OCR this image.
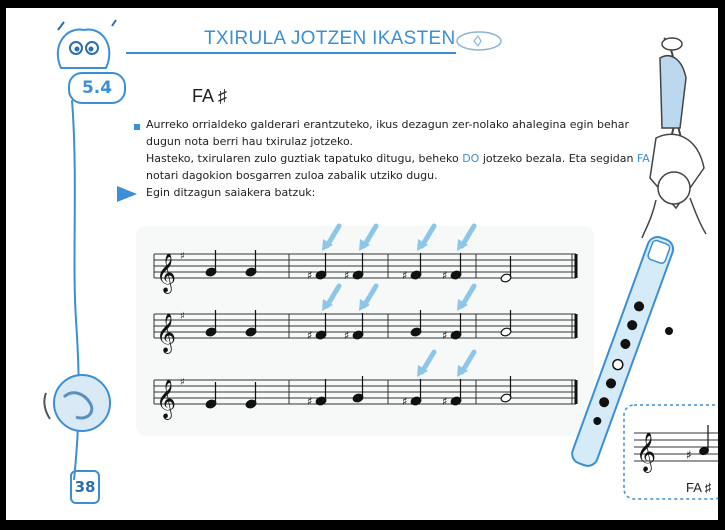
5.4
TXIRULA JOTZEN IKASTEN
FA ♯
Aurreko orrialdeko galderari erantzuteko, ikus dezagun zer-nolako ahalegina egin behar dugun nota berri hau txirulaz jotzeko.
Hasteko, txirularen zulo guztiak tapatuko ditugu, beheko DO jotzeko bezala. Eta segidan FA notari dagokion bosgarren zuloa zabalik utziko dugu.
Egin ditzagun saiakera batzuk:
𝄞 ♯
♯	♯	♯	♯
𝄞 ♯
♯	♯	♯
𝄞 ♯
♯	♯	♯
38
𝄞 ♯
FA ♯
